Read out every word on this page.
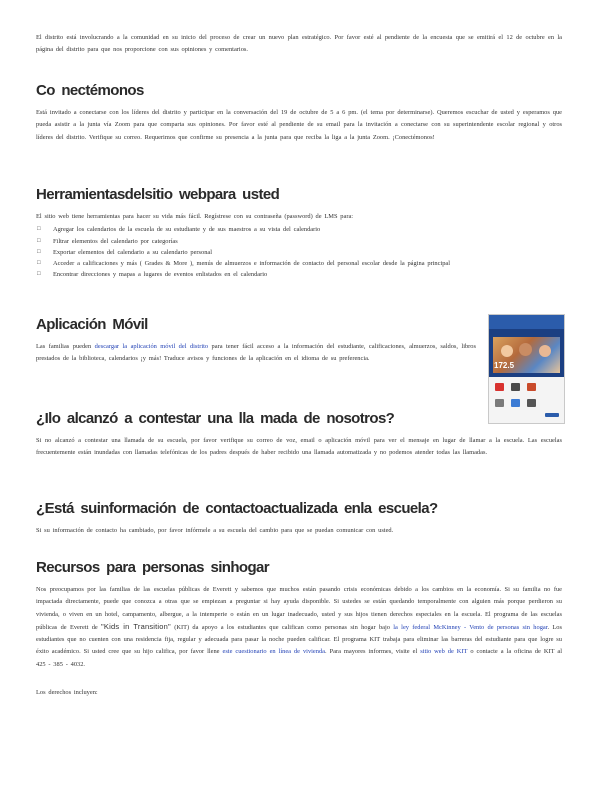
El distrito está involucrando a la comunidad en su inicio del proceso de crear un nuevo plan estratégico. Por favor esté al pendiente de la encuesta que se emitirá el 12 de octubre en la página del distrito para que nos proporcione con sus opiniones y comentarios.

Co nectémonos

Está invitado a conectarse con los líderes del distrito y participar en la conversación del 19 de octubre de 5 a 6 pm. (el tema por determinarse). Queremos escuchar de usted y esperamos que pueda asistir a la junta vía Zoom para que comparta sus opiniones. Por favor esté al pendiente de su email para la invitación a conectarse con su superintendente escolar regional y otros líderes del distrito. Verifique su correo. Requerimos que confirme su presencia a la junta para que reciba la liga a la junta Zoom. ¡Conectémonos!

Herramientasdelsitio webpara usted

El sitio web tiene herramientas para hacer su vida más fácil. Regístrese con su contraseña (password) de LMS para:

□ Agregar los calendarios de la escuela de su estudiante y de sus maestros a su vista del calendario
□ Filtrar elementos del calendario por categorías
□ Exportar elementos del calendario a su calendario personal
□ Acceder a calificaciones y más ( Grades & More ), menús de almuerzos e información de contacto del personal escolar desde la página principal
□ Encontrar direcciones y mapas a lugares de eventos enlistados en el calendario
Aplicación Móvil

Las familias pueden descargar la aplicación móvil del distrito para tener fácil acceso a la información del estudiante, calificaciones, almuerzos, saldos, libros prestados de la biblioteca, calendarios ¡y más! Traduce avisos y funciones de la aplicación en el idioma de su preferencia.

172.5
¿Ilo alcanzó a contestar una lla mada de nosotros?

Si no alcanzó a contestar una llamada de su escuela, por favor verifique su correo de voz, email o aplicación móvil para ver el mensaje en lugar de llamar a la escuela. Las escuelas frecuentemente están inundadas con llamadas telefónicas de los padres después de haber recibido una llamada automatizada y no podemos atender todas las llamadas.

¿Está suinformación de contactoactualizada enla escuela?

Si su información de contacto ha cambiado, por favor infórmele a su escuela del cambio para que se puedan comunicar con usted.

Recursos para personas sinhogar

Nos preocupamos por las familias de las escuelas públicas de Everett y sabemos que muchos están pasando crisis económicas debido a los cambios en la economía. Si su familia no fue impactada directamente, puede que conozca a otras que se empiezan a preguntar si hay ayuda disponible. Si ustedes se están quedando temporalmente con alguien más porque perdieron su vivienda, o viven en un hotel, campamento, albergue, a la intemperie o están en un lugar inadecuado, usted y sus hijos tienen derechos especiales en la escuela. El programa de las escuelas públicas de Everett de "Kids in Transition" (KIT) da apoyo a los estudiantes que califican como personas sin hogar bajo la ley federal McKinney - Vento de personas sin hogar. Los estudiantes que no cuenten con una residencia fija, regular y adecuada para pasar la noche pueden calificar. El programa KIT trabaja para eliminar las barreras del estudiante para que logre su éxito académico. Si usted cree que su hijo califica, por favor llene este cuestionario en línea de vivienda. Para mayores informes, visite el sitio web de KIT o contacte a la oficina de KIT al 425 - 385 - 4032.

Los derechos incluyen:
